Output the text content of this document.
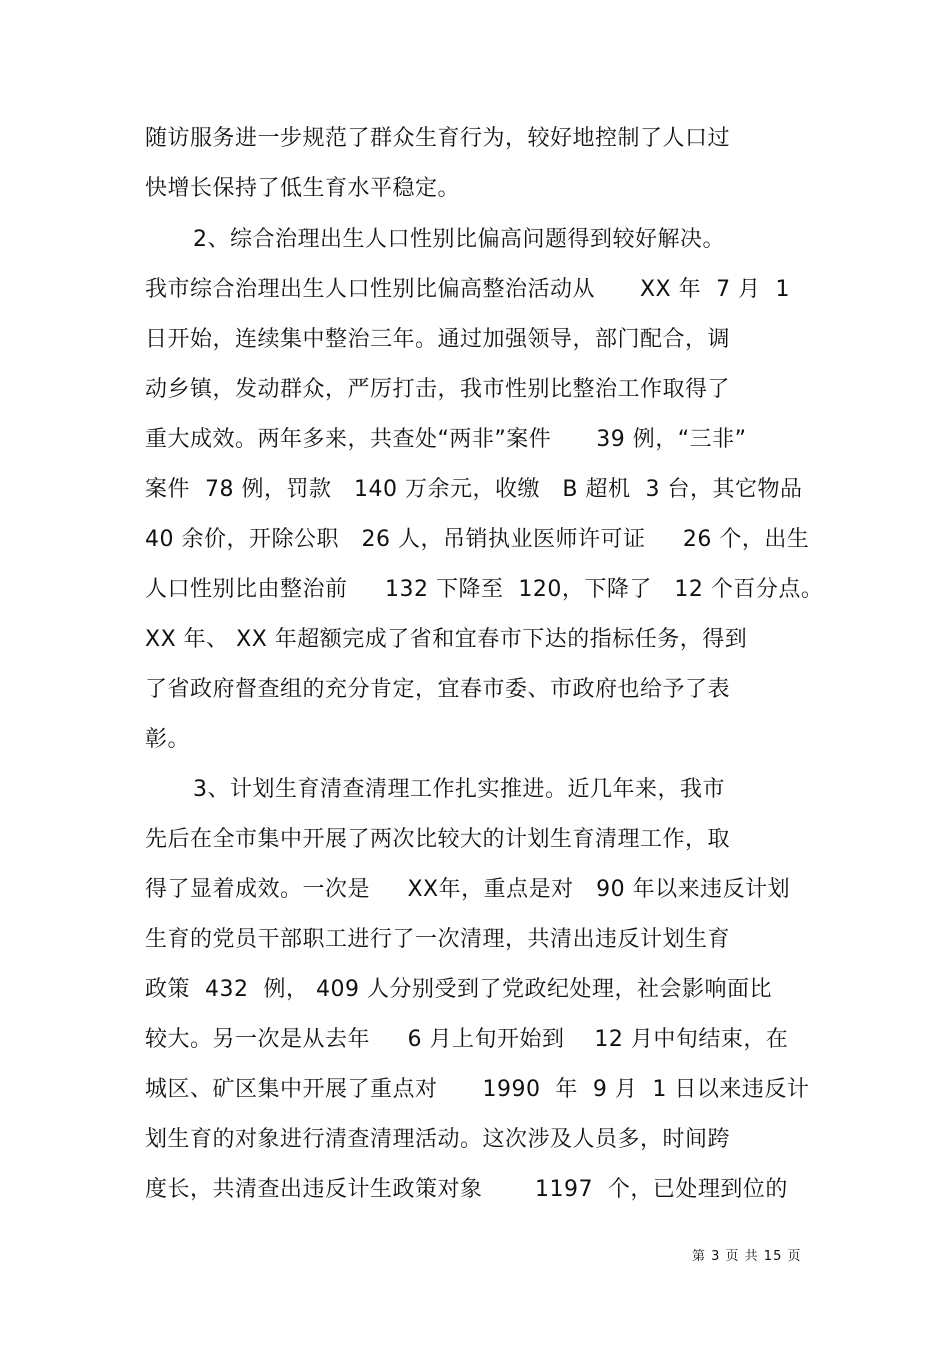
随访服务进一步规范了群众生育行为，较好地控制了人口过
快增长保持了低生育水平稳定。
2、综合治理出生人口性别比偏高问题得到较好解决。
我市综合治理出生人口性别比偏高整治活动从      XX 年  7 月  1
日开始，连续集中整治三年。通过加强领导，部门配合，调
动乡镇，发动群众，严厉打击，我市性别比整治工作取得了
重大成效。两年多来，共查处“两非”案件      39 例，“三非”
案件  78 例，罚款   140 万余元，收缴   B 超机  3 台，其它物品
40 余价，开除公职   26 人，吊销执业医师许可证     26 个，出生
人口性别比由整治前     132 下降至  120，下降了   12 个百分点。
XX 年、 XX 年超额完成了省和宜春市下达的指标任务，得到
了省政府督查组的充分肯定，宜春市委、市政府也给予了表
彰。
3、计划生育清查清理工作扎实推进。近几年来，我市
先后在全市集中开展了两次比较大的计划生育清理工作，取
得了显着成效。一次是     XX年，重点是对   90 年以来违反计划
生育的党员干部职工进行了一次清理，共清出违反计划生育
政策  432  例， 409 人分别受到了党政纪处理，社会影响面比
较大。另一次是从去年     6 月上旬开始到    12 月中旬结束，在
城区、矿区集中开展了重点对      1990  年  9 月  1 日以来违反计
划生育的对象进行清查清理活动。这次涉及人员多，时间跨
度长，共清查出违反计生政策对象       1197  个，已处理到位的
第 3 页 共 15 页
